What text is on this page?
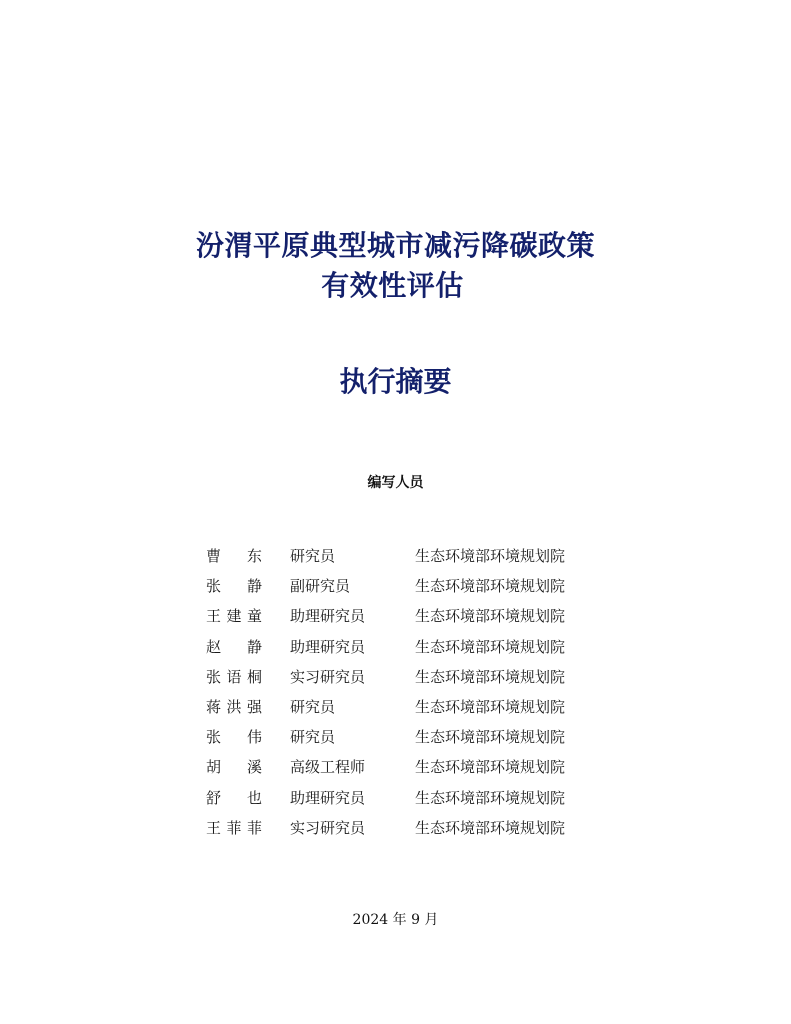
汾渭平原典型城市减污降碳政策
有效性评估
执行摘要
编写人员
曹 东 研究员	生态环境部环境规划院
张 静 副研究员	生态环境部环境规划院
王建童 助理研究员	生态环境部环境规划院
赵 静 助理研究员	生态环境部环境规划院
张语桐 实习研究员	生态环境部环境规划院
蒋洪强 研究员	生态环境部环境规划院
张 伟 研究员	生态环境部环境规划院
胡 溪 高级工程师	生态环境部环境规划院
舒 也 助理研究员	生态环境部环境规划院
王菲菲 实习研究员	生态环境部环境规划院
2024 年 9 月
